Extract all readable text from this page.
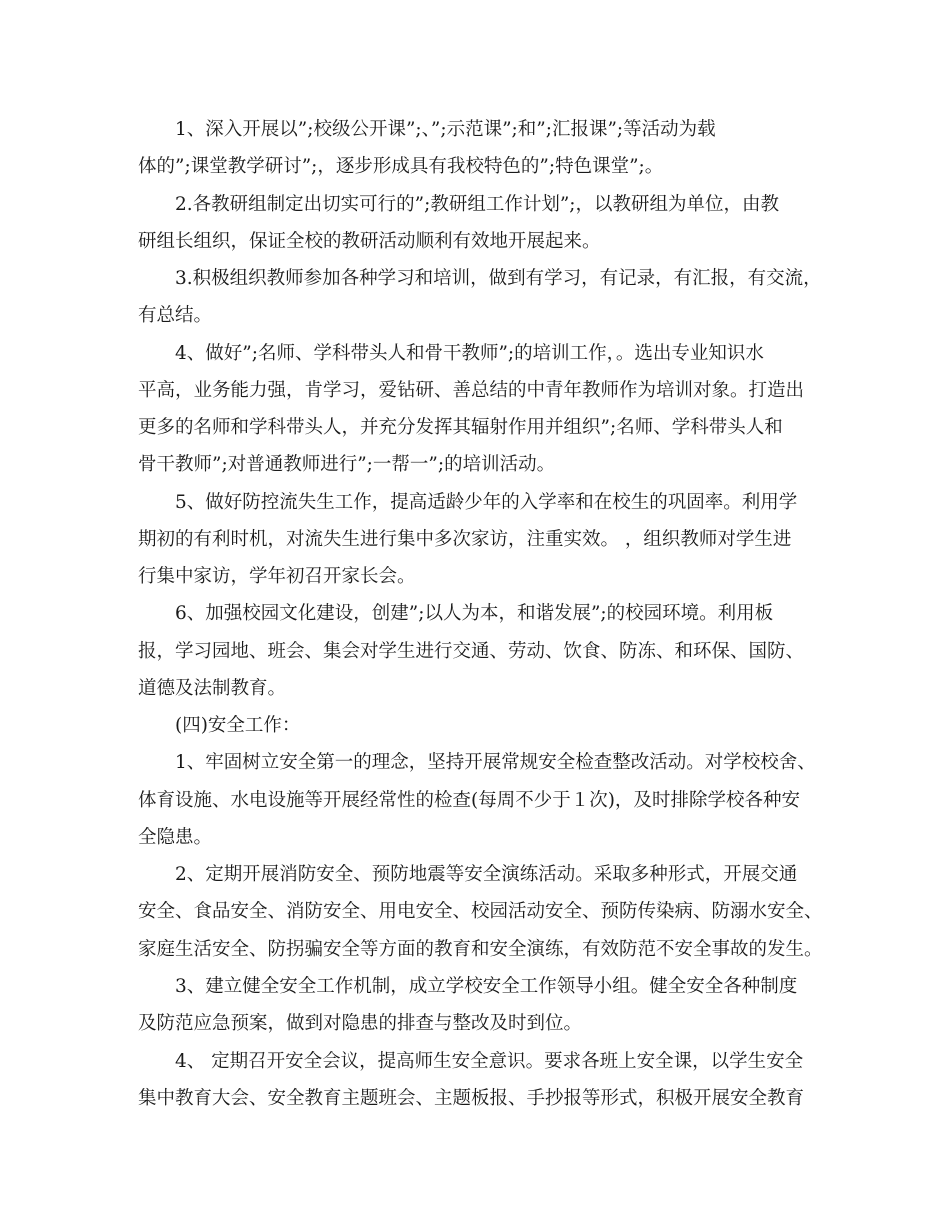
1、深入开展以”;校级公开课”;、”;示范课”;和”;汇报课”;等活动为载
体的”;课堂教学研讨”;，逐步形成具有我校特色的”;特色课堂”;。
2.各教研组制定出切实可行的”;教研组工作计划”;，以教研组为单位，由教
研组长组织，保证全校的教研活动顺利有效地开展起来。
3.积极组织教师参加各种学习和培训，做到有学习，有记录，有汇报，有交流，
有总结。
4、做好”;名师、学科带头人和骨干教师”;的培训工作，。选出专业知识水
平高，业务能力强，肯学习，爱钻研、善总结的中青年教师作为培训对象。打造出
更多的名师和学科带头人，并充分发挥其辐射作用并组织”;名师、学科带头人和
骨干教师”;对普通教师进行”;一帮一”;的培训活动。
5、做好防控流失生工作，提高适龄少年的入学率和在校生的巩固率。利用学
期初的有利时机，对流失生进行集中多次家访，注重实效。 ，组织教师对学生进
行集中家访，学年初召开家长会。
6、加强校园文化建设，创建”;以人为本，和谐发展”;的校园环境。利用板
报，学习园地、班会、集会对学生进行交通、劳动、饮食、防冻、和环保、国防、
道德及法制教育。
(四)安全工作：
1、牢固树立安全第一的理念，坚持开展常规安全检查整改活动。对学校校舍、
体育设施、水电设施等开展经常性的检查(每周不少于１次)，及时排除学校各种安
全隐患。
2、定期开展消防安全、预防地震等安全演练活动。采取多种形式，开展交通
安全、食品安全、消防安全、用电安全、校园活动安全、预防传染病、防溺水安全、
家庭生活安全、防拐骗安全等方面的教育和安全演练，有效防范不安全事故的发生。
3、建立健全安全工作机制，成立学校安全工作领导小组。健全安全各种制度
及防范应急预案，做到对隐患的排查与整改及时到位。
4、 定期召开安全会议，提高师生安全意识。要求各班上安全课，以学生安全
集中教育大会、安全教育主题班会、主题板报、手抄报等形式，积极开展安全教育
